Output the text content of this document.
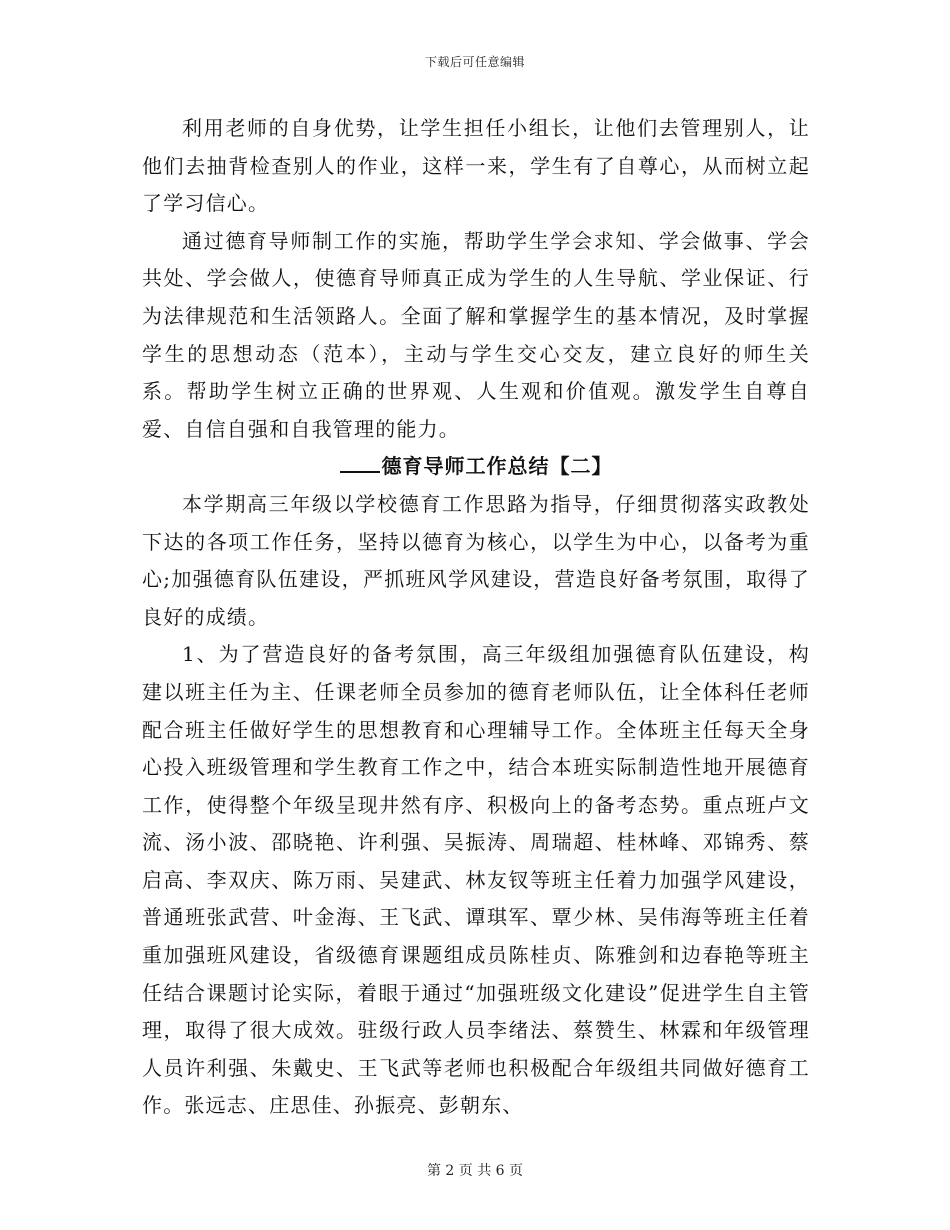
下载后可任意编辑

利用老师的自身优势，让学生担任小组长，让他们去管理别人，让他们去抽背检查别人的作业，这样一来，学生有了自尊心，从而树立起了学习信心。

通过德育导师制工作的实施，帮助学生学会求知、学会做事、学会共处、学会做人，使德育导师真正成为学生的人生导航、学业保证、行为法律规范和生活领路人。全面了解和掌握学生的基本情况，及时掌握学生的思想动态（范本），主动与学生交心交友，建立良好的师生关系。帮助学生树立正确的世界观、人生观和价值观。激发学生自尊自爱、自信自强和自我管理的能力。

德育导师工作总结【二】

本学期高三年级以学校德育工作思路为指导，仔细贯彻落实政教处下达的各项工作任务，坚持以德育为核心，以学生为中心，以备考为重心;加强德育队伍建设，严抓班风学风建设，营造良好备考氛围，取得了良好的成绩。

1、为了营造良好的备考氛围，高三年级组加强德育队伍建设，构建以班主任为主、任课老师全员参加的德育老师队伍，让全体科任老师配合班主任做好学生的思想教育和心理辅导工作。全体班主任每天全身心投入班级管理和学生教育工作之中，结合本班实际制造性地开展德育工作，使得整个年级呈现井然有序、积极向上的备考态势。重点班卢文流、汤小波、邵晓艳、许利强、吴振涛、周瑞超、桂林峰、邓锦秀、蔡启高、李双庆、陈万雨、吴建武、林友钗等班主任着力加强学风建设，普通班张武营、叶金海、王飞武、谭琪军、覃少林、吴伟海等班主任着重加强班风建设，省级德育课题组成员陈桂贞、陈雅剑和边春艳等班主任结合课题讨论实际，着眼于通过“加强班级文化建设”促进学生自主管理，取得了很大成效。驻级行政人员李绪法、蔡赞生、林霖和年级管理人员许利强、朱戴史、王飞武等老师也积极配合年级组共同做好德育工作。张远志、庄思佳、孙振亮、彭朝东、

第 2 页 共 6 页
